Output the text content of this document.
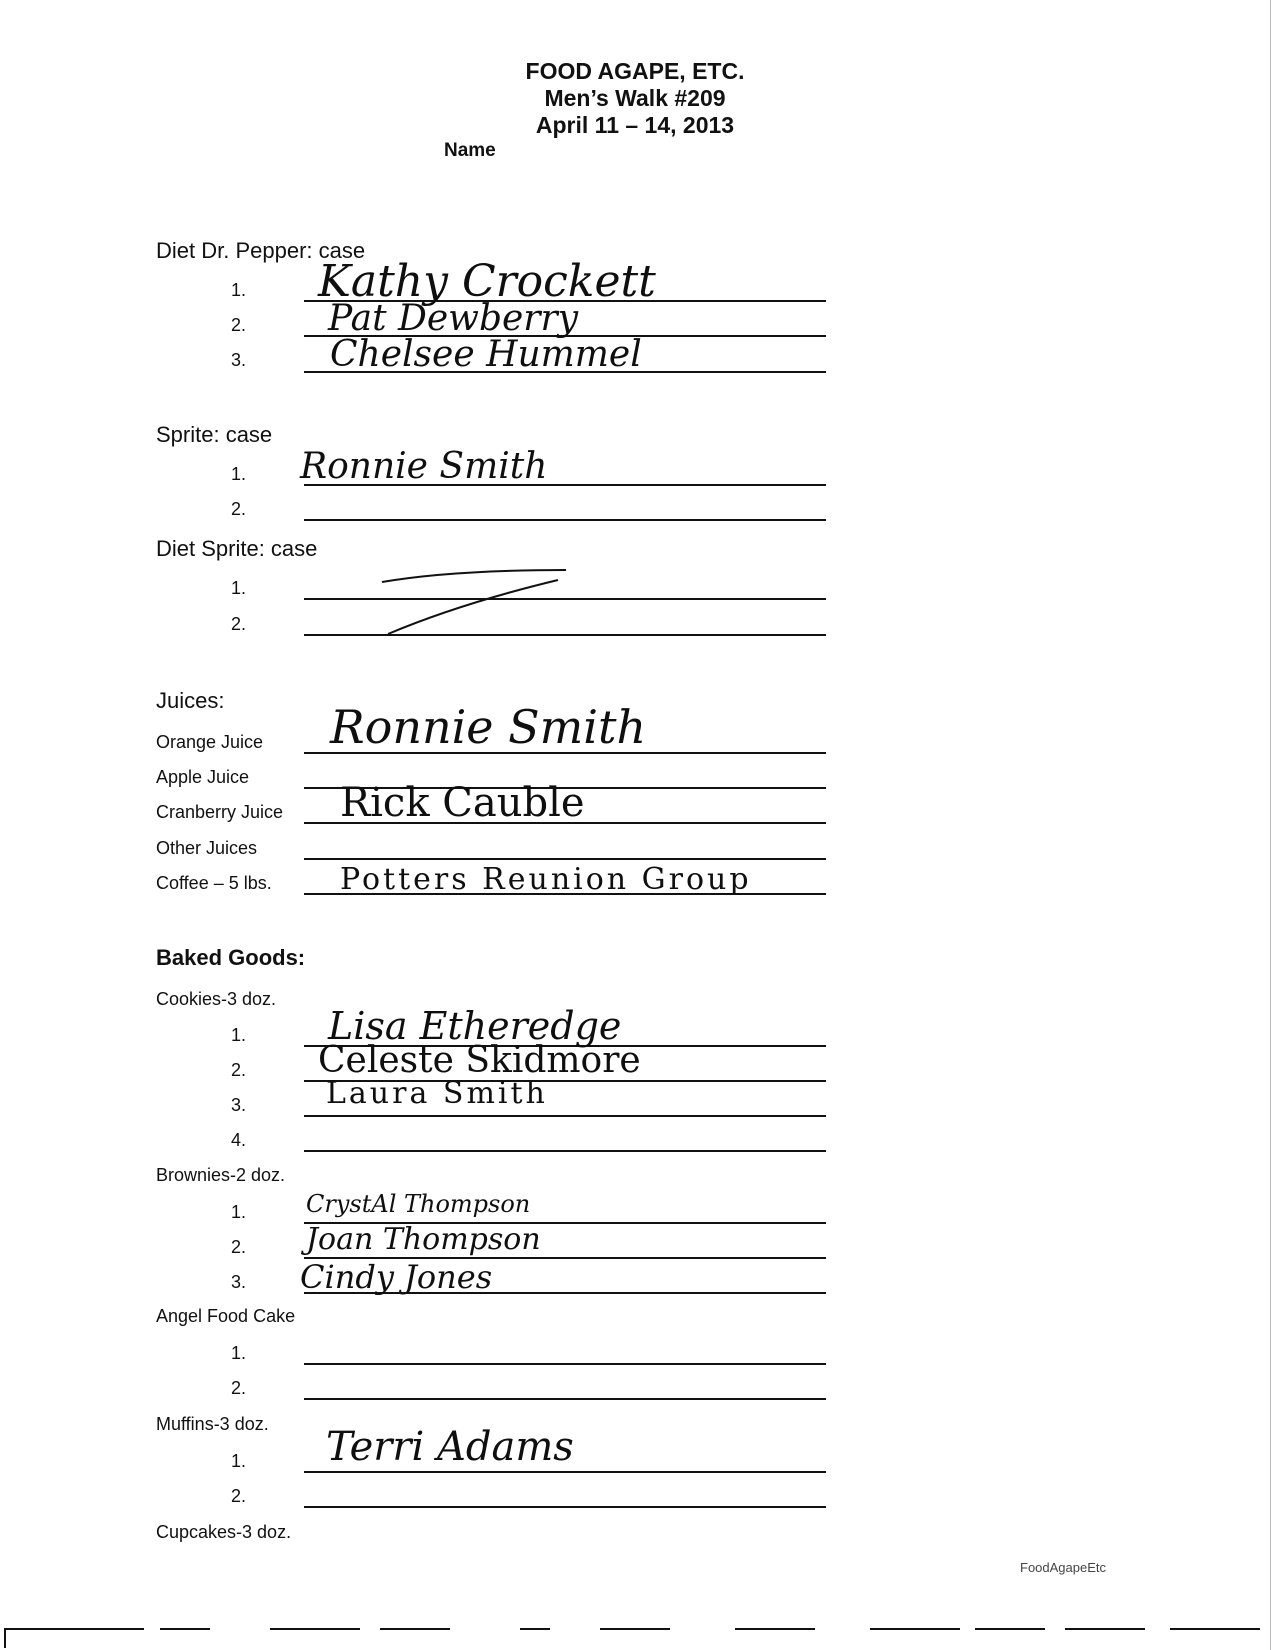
FOOD AGAPE, ETC.
Men’s Walk #209
April 11 – 14, 2013
Name
Diet Dr. Pepper: case
1. Kathy Crockett
2. Pat Dewberry
3. Chelsee Hummel
Sprite: case
1. Ronnie Smith
2.
Diet Sprite: case
1.
2.
Juices:
Orange Juice Ronnie Smith
Apple Juice
Cranberry Juice Rick Cauble
Other Juices
Coffee – 5 lbs. Potters Reunion Group
Baked Goods:
Cookies-3 doz.
1. Lisa Etheredge
2. Celeste Skidmore
3.	Laura Smith
4.
Brownies-2 doz.
1.	CrystAl Thompson
2. Joan Thompson
3. Cindy Jones
Angel Food Cake
1.
2.
Muffins-3 doz.
1. Terri Adams
2.
Cupcakes-3 doz.
FoodAgapeEtc
